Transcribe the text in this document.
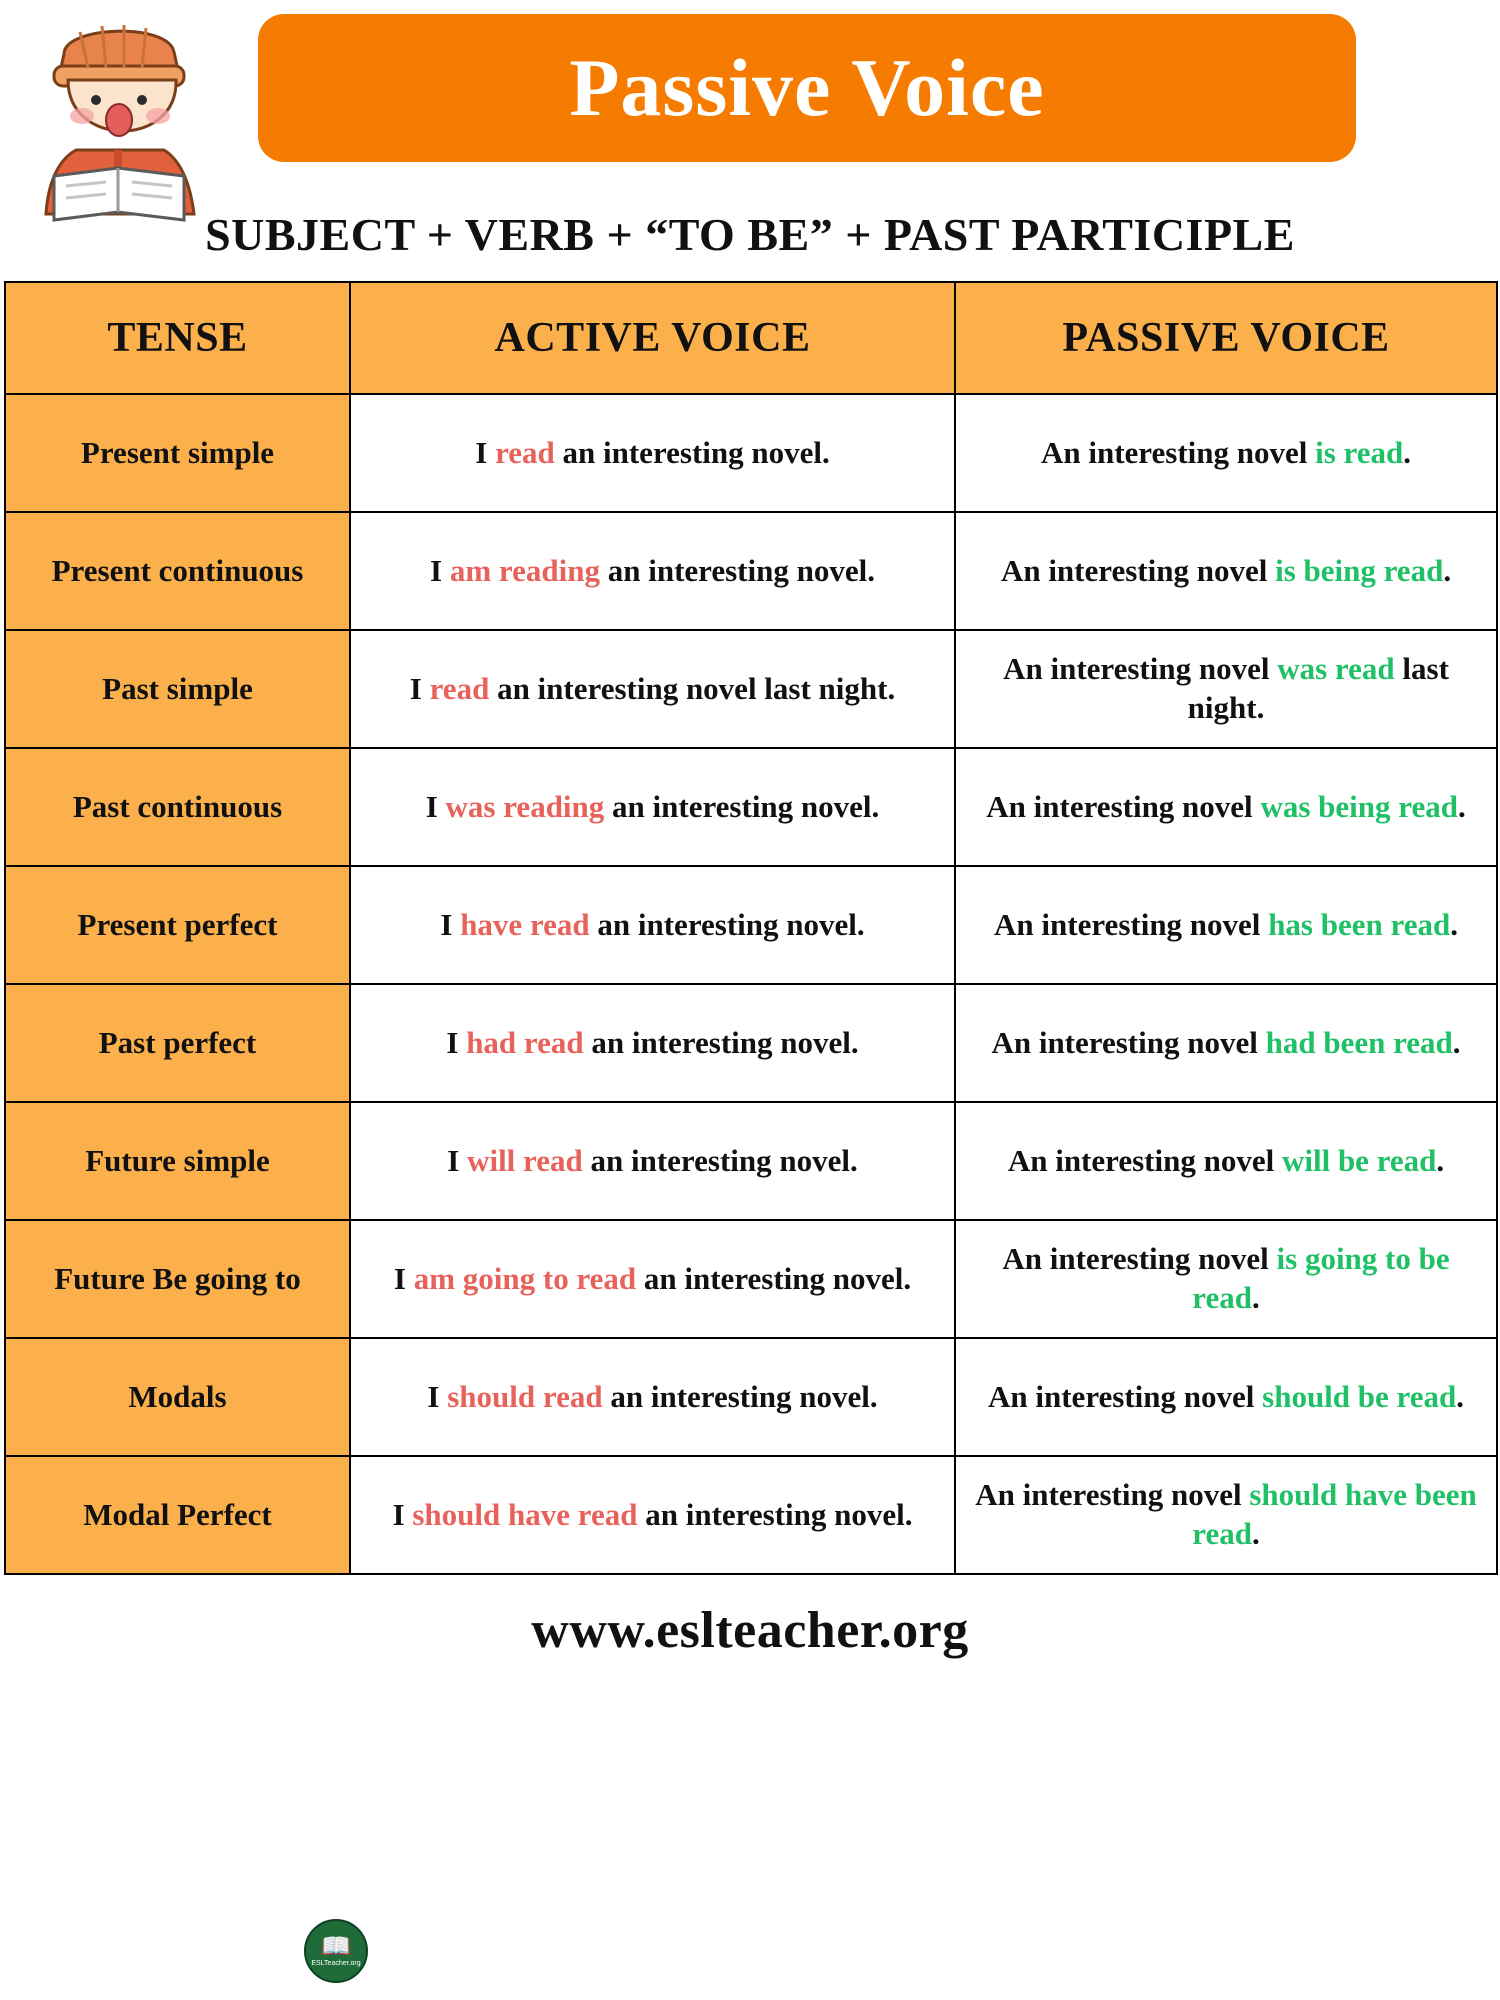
Passive Voice
SUBJECT + VERB + “TO BE” + PAST PARTICIPLE
TENSE	ACTIVE VOICE	PASSIVE VOICE
Present simple	I read an interesting novel.	An interesting novel is read.
Present continuous	I am reading an interesting novel.	An interesting novel is being read.
Past simple	I read an interesting novel last night.	An interesting novel was read last night.
Past continuous	I was reading an interesting novel.	An interesting novel was being read.
Present perfect	I have read an interesting novel.	An interesting novel has been read.
Past perfect	I had read an interesting novel.	An interesting novel had been read.
Future simple	I will read an interesting novel.	An interesting novel will be read.
Future Be going to	I am going to read an interesting novel.	An interesting novel is going to be read.
Modals	I should read an interesting novel.	An interesting novel should be read.
Modal Perfect	I should have read an interesting novel.	An interesting novel should have been read.
📖
ESLTeacher.org
www.eslteacher.org
